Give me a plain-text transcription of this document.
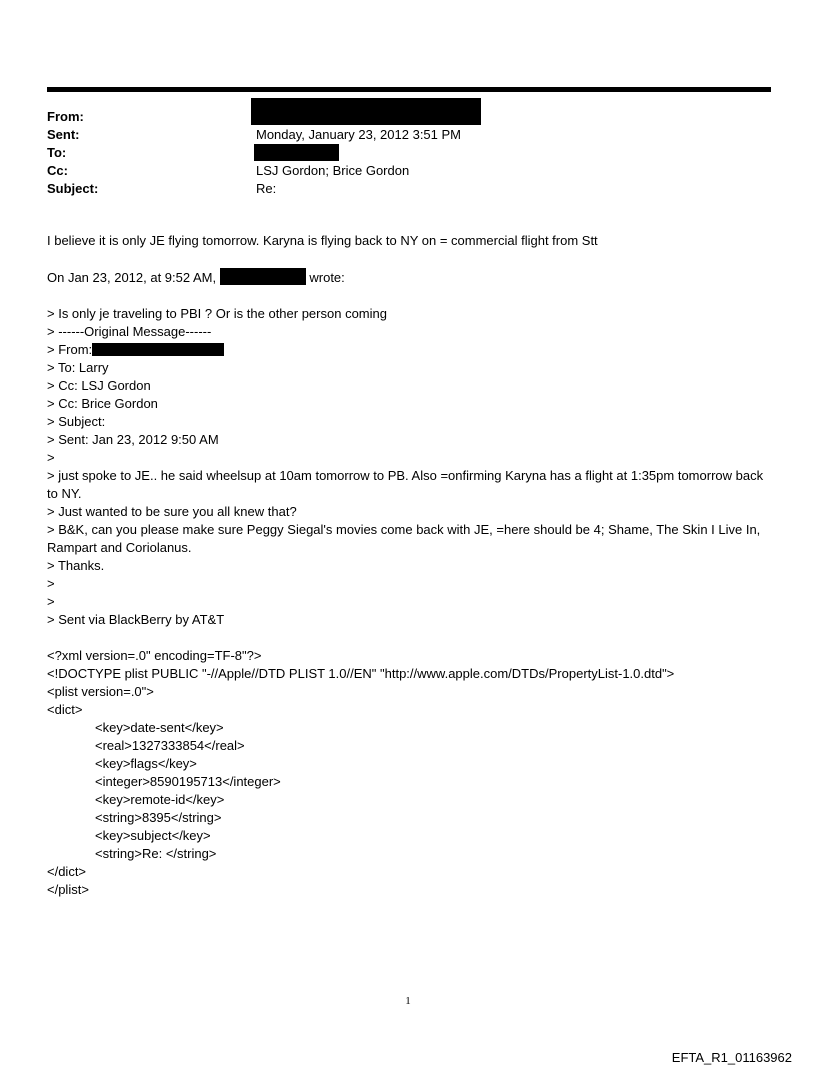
From:
Sent:	Monday, January 23, 2012 3:51 PM
To:
Cc:	LSJ Gordon; Brice Gordon
Subject:	Re:

I believe it is only JE flying tomorrow. Karyna is flying back to NY on = commercial flight from Stt

On Jan 23, 2012, at 9:52 AM,	wrote:

> Is only je traveling to PBI ? Or is the other person coming

> ------Original Message------

> From:

> To: Larry

> Cc: LSJ Gordon

> Cc: Brice Gordon

> Subject:

> Sent: Jan 23, 2012 9:50 AM

>

> just spoke to JE.. he said wheelsup at 10am tomorrow to PB. Also =onfirming Karyna has a flight at 1:35pm tomorrow back to NY.

> Just wanted to be sure you all knew that?

> B&K, can you please make sure Peggy Siegal's movies come back with JE, =here should be 4; Shame, The Skin I Live In, Rampart and Coriolanus.

> Thanks.

>

>

> Sent via BlackBerry by AT&T

<?xml version=.0" encoding=TF-8"?>

<!DOCTYPE plist PUBLIC "-//Apple//DTD PLIST 1.0//EN" "http://www.apple.com/DTDs/PropertyList-1.0.dtd">

<plist version=.0">

<dict>

<key>date-sent</key>

<real>1327333854</real>

<key>flags</key>

<integer>8590195713</integer>

<key>remote-id</key>

<string>8395</string>

<key>subject</key>

<string>Re: </string>

</dict>

</plist>

1
EFTA_R1_01163962
